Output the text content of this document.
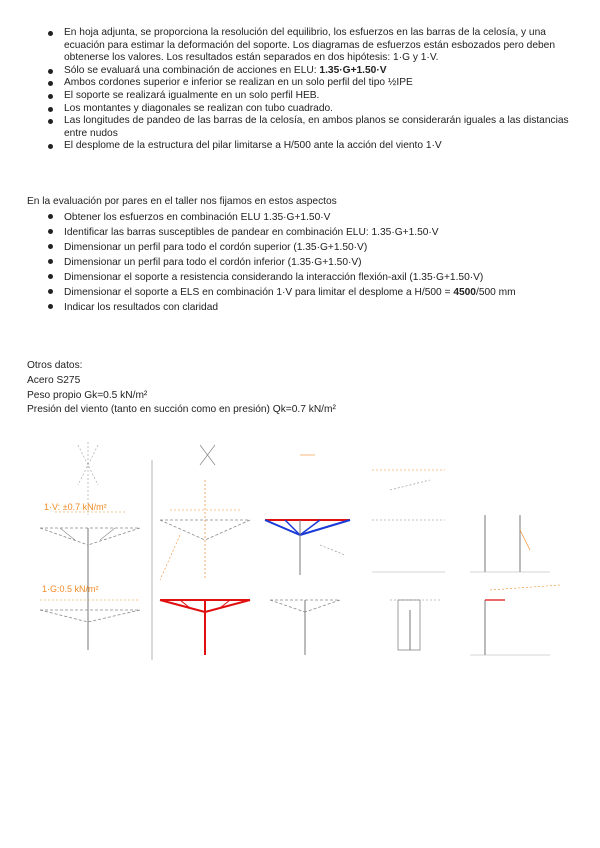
En hoja adjunta, se proporciona la resolución del equilibrio, los esfuerzos en las barras de la celosía, y una ecuación para estimar la deformación del soporte. Los diagramas de esfuerzos están esbozados pero deben obtenerse los valores. Los resultados están separados en dos hipótesis: 1·G y 1·V.
Sólo se evaluará una combinación de acciones en ELU: 1.35·G+1.50·V
Ambos cordones superior e inferior se realizan en un solo perfil del tipo ½IPE
El soporte se realizará igualmente en un solo perfil HEB.
Los montantes y diagonales se realizan con tubo cuadrado.
Las longitudes de pandeo de las barras de la celosía, en ambos planos se considerarán iguales a las distancias entre nudos
El desplome de la estructura del pilar limitarse a H/500 ante la acción del viento 1·V
En la evaluación por pares en el taller nos fijamos en estos aspectos
Obtener los esfuerzos en combinación ELU 1.35·G+1.50·V
Identificar las barras susceptibles de pandear en combinación ELU: 1.35·G+1.50·V
Dimensionar un perfil para todo el cordón superior (1.35·G+1.50·V)
Dimensionar un perfil para todo el cordón inferior (1.35·G+1.50·V)
Dimensionar el soporte a resistencia considerando la interacción flexión-axil (1.35·G+1.50·V)
Dimensionar el soporte a ELS en combinación 1·V para limitar el desplome a H/500 = 4500/500 mm
Indicar los resultados con claridad
Otros datos:
Acero S275
Peso propio Gk=0.5 kN/m²
Presión del viento (tanto en succión como en presión) Qk=0.7 kN/m²
1·V: ±0.7 kN/m²
1·G:0.5 kN/m²
